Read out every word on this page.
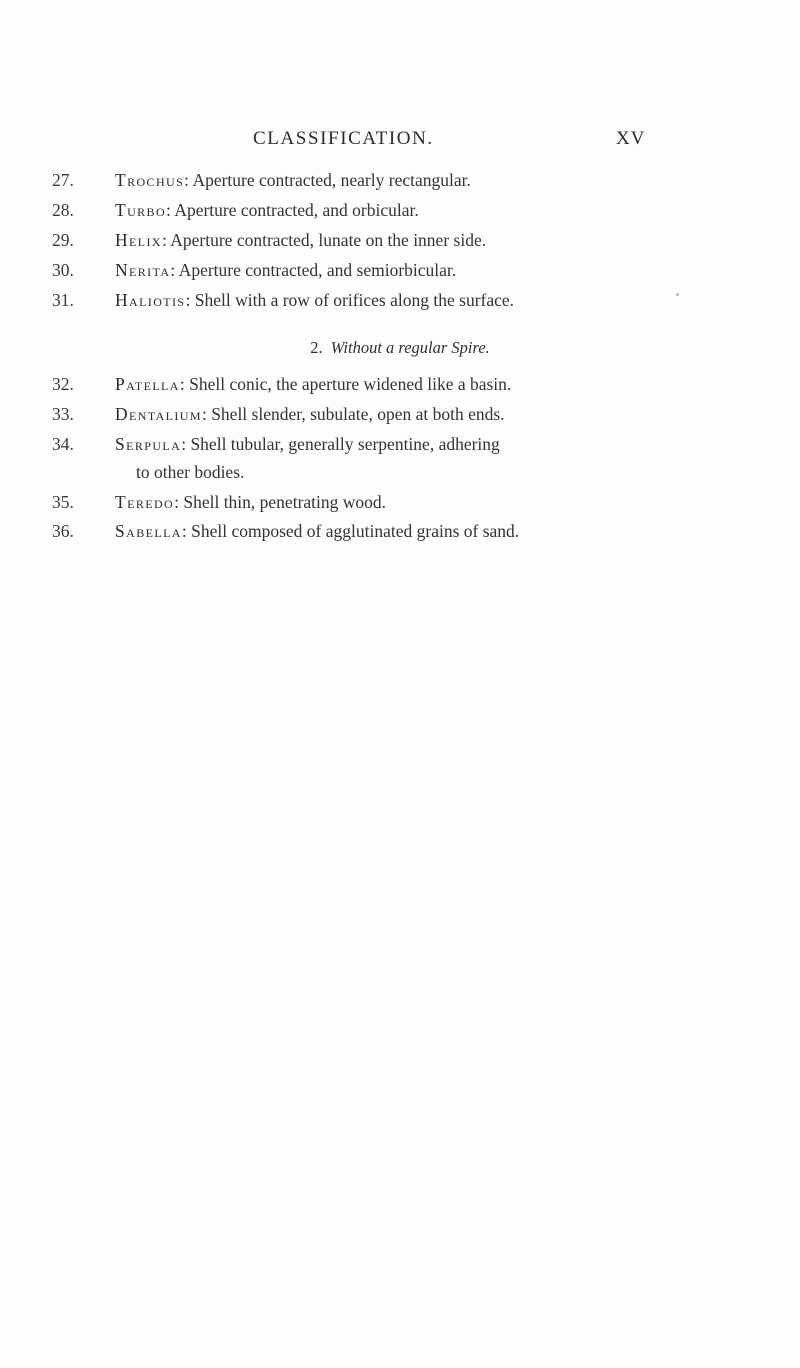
CLASSIFICATION.	XV
27.	Trochus: Aperture contracted, nearly rectangular.
28.	Turbo: Aperture contracted, and orbicular.
29.	Helix: Aperture contracted, lunate on the inner side.
30.	Nerita: Aperture contracted, and semiorbicular.
31.	Haliotis: Shell with a row of orifices along the surface.
2. Without a regular Spire.
32.	Patella: Shell conic, the aperture widened like a basin.
33.	Dentalium: Shell slender, subulate, open at both ends.
34.	Serpula: Shell tubular, generally serpentine, adhering
to other bodies.
35.	Teredo: Shell thin, penetrating wood.
36.	Sabella: Shell composed of agglutinated grains of sand.
